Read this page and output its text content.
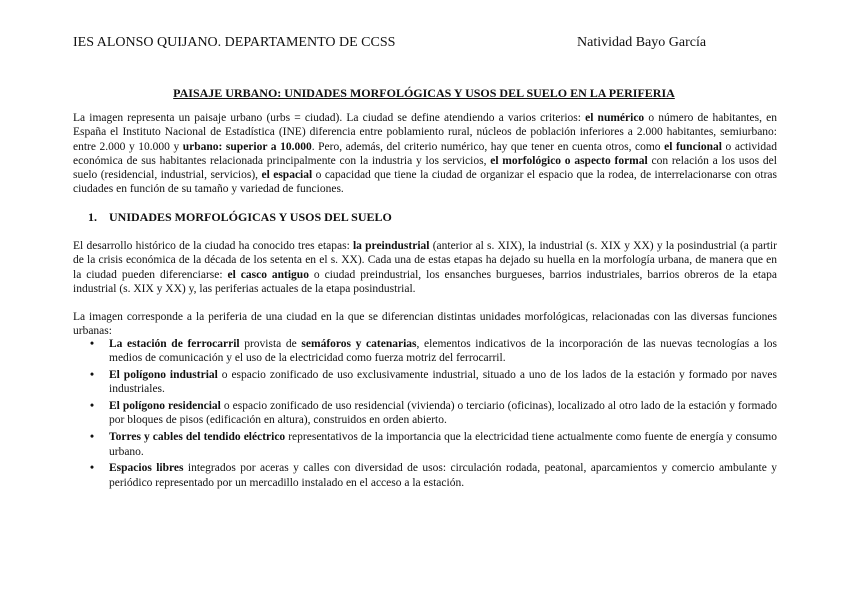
IES ALONSO QUIJANO. DEPARTAMENTO DE CCSS	Natividad Bayo García
PAISAJE URBANO: UNIDADES MORFOLÓGICAS Y USOS DEL SUELO EN LA PERIFERIA
La imagen representa un paisaje urbano (urbs = ciudad). La ciudad se define atendiendo a varios criterios: el numérico o número de habitantes, en España el Instituto Nacional de Estadística (INE) diferencia entre poblamiento rural, núcleos de población inferiores a 2.000 habitantes, semiurbano: entre 2.000 y 10.000 y urbano: superior a 10.000. Pero, además, del criterio numérico, hay que tener en cuenta otros, como el funcional o actividad económica de sus habitantes relacionada principalmente con la industria y los servicios, el morfológico o aspecto formal con relación a los usos del suelo (residencial, industrial, servicios), el espacial o capacidad que tiene la ciudad de organizar el espacio que la rodea, de interrelacionarse con otras ciudades en función de su tamaño y variedad de funciones.
1. UNIDADES MORFOLÓGICAS Y USOS DEL SUELO
El desarrollo histórico de la ciudad ha conocido tres etapas: la preindustrial (anterior al s. XIX), la industrial (s. XIX y XX) y la posindustrial (a partir de la crisis económica de la década de los setenta en el s. XX). Cada una de estas etapas ha dejado su huella en la morfología urbana, de manera que en la ciudad pueden diferenciarse: el casco antiguo o ciudad preindustrial, los ensanches burgueses, barrios industriales, barrios obreros de la etapa industrial (s. XIX y XX) y, las periferias actuales de la etapa posindustrial.
La imagen corresponde a la periferia de una ciudad en la que se diferencian distintas unidades morfológicas, relacionadas con las diversas funciones urbanas:
• La estación de ferrocarril provista de semáforos y catenarias, elementos indicativos de la incorporación de las nuevas tecnologías a los medios de comunicación y el uso de la electricidad como fuerza motriz del ferrocarril.
• El polígono industrial o espacio zonificado de uso exclusivamente industrial, situado a uno de los lados de la estación y formado por naves industriales.
• El polígono residencial o espacio zonificado de uso residencial (vivienda) o terciario (oficinas), localizado al otro lado de la estación y formado por bloques de pisos (edificación en altura), construidos en orden abierto.
• Torres y cables del tendido eléctrico representativos de la importancia que la electricidad tiene actualmente como fuente de energía y consumo urbano.
• Espacios libres integrados por aceras y calles con diversidad de usos: circulación rodada, peatonal, aparcamientos y comercio ambulante y periódico representado por un mercadillo instalado en el acceso a la estación.
